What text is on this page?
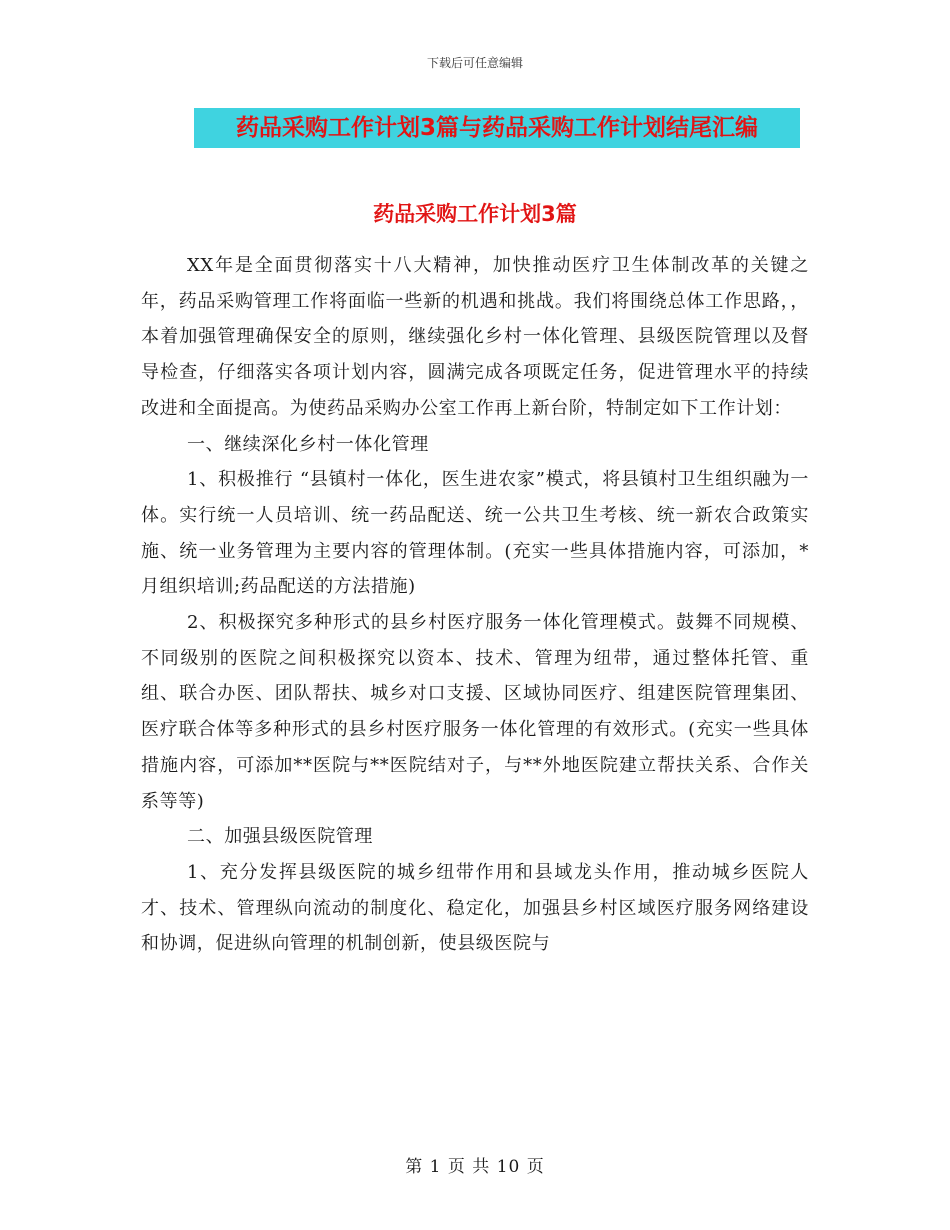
下载后可任意编辑
药品采购工作计划3篇与药品采购工作计划结尾汇编
药品采购工作计划3篇

XX年是全面贯彻落实十八大精神，加快推动医疗卫生体制改革的关键之年，药品采购管理工作将面临一些新的机遇和挑战。我们将围绕总体工作思路，，本着加强管理确保安全的原则，继续强化乡村一体化管理、县级医院管理以及督导检查，仔细落实各项计划内容，圆满完成各项既定任务，促进管理水平的持续改进和全面提高。为使药品采购办公室工作再上新台阶，特制定如下工作计划：

一、继续深化乡村一体化管理

1、积极推行 “县镇村一体化，医生进农家”模式，将县镇村卫生组织融为一体。实行统一人员培训、统一药品配送、统一公共卫生考核、统一新农合政策实施、统一业务管理为主要内容的管理体制。(充实一些具体措施内容，可添加，*月组织培训;药品配送的方法措施)

2、积极探究多种形式的县乡村医疗服务一体化管理模式。鼓舞不同规模、不同级别的医院之间积极探究以资本、技术、管理为纽带，通过整体托管、重组、联合办医、团队帮扶、城乡对口支援、区域协同医疗、组建医院管理集团、医疗联合体等多种形式的县乡村医疗服务一体化管理的有效形式。(充实一些具体措施内容，可添加**医院与**医院结对子，与**外地医院建立帮扶关系、合作关系等等)

二、加强县级医院管理

1、充分发挥县级医院的城乡纽带作用和县域龙头作用，推动城乡医院人才、技术、管理纵向流动的制度化、稳定化，加强县乡村区域医疗服务网络建设和协调，促进纵向管理的机制创新，使县级医院与

第 1 页 共 10 页
